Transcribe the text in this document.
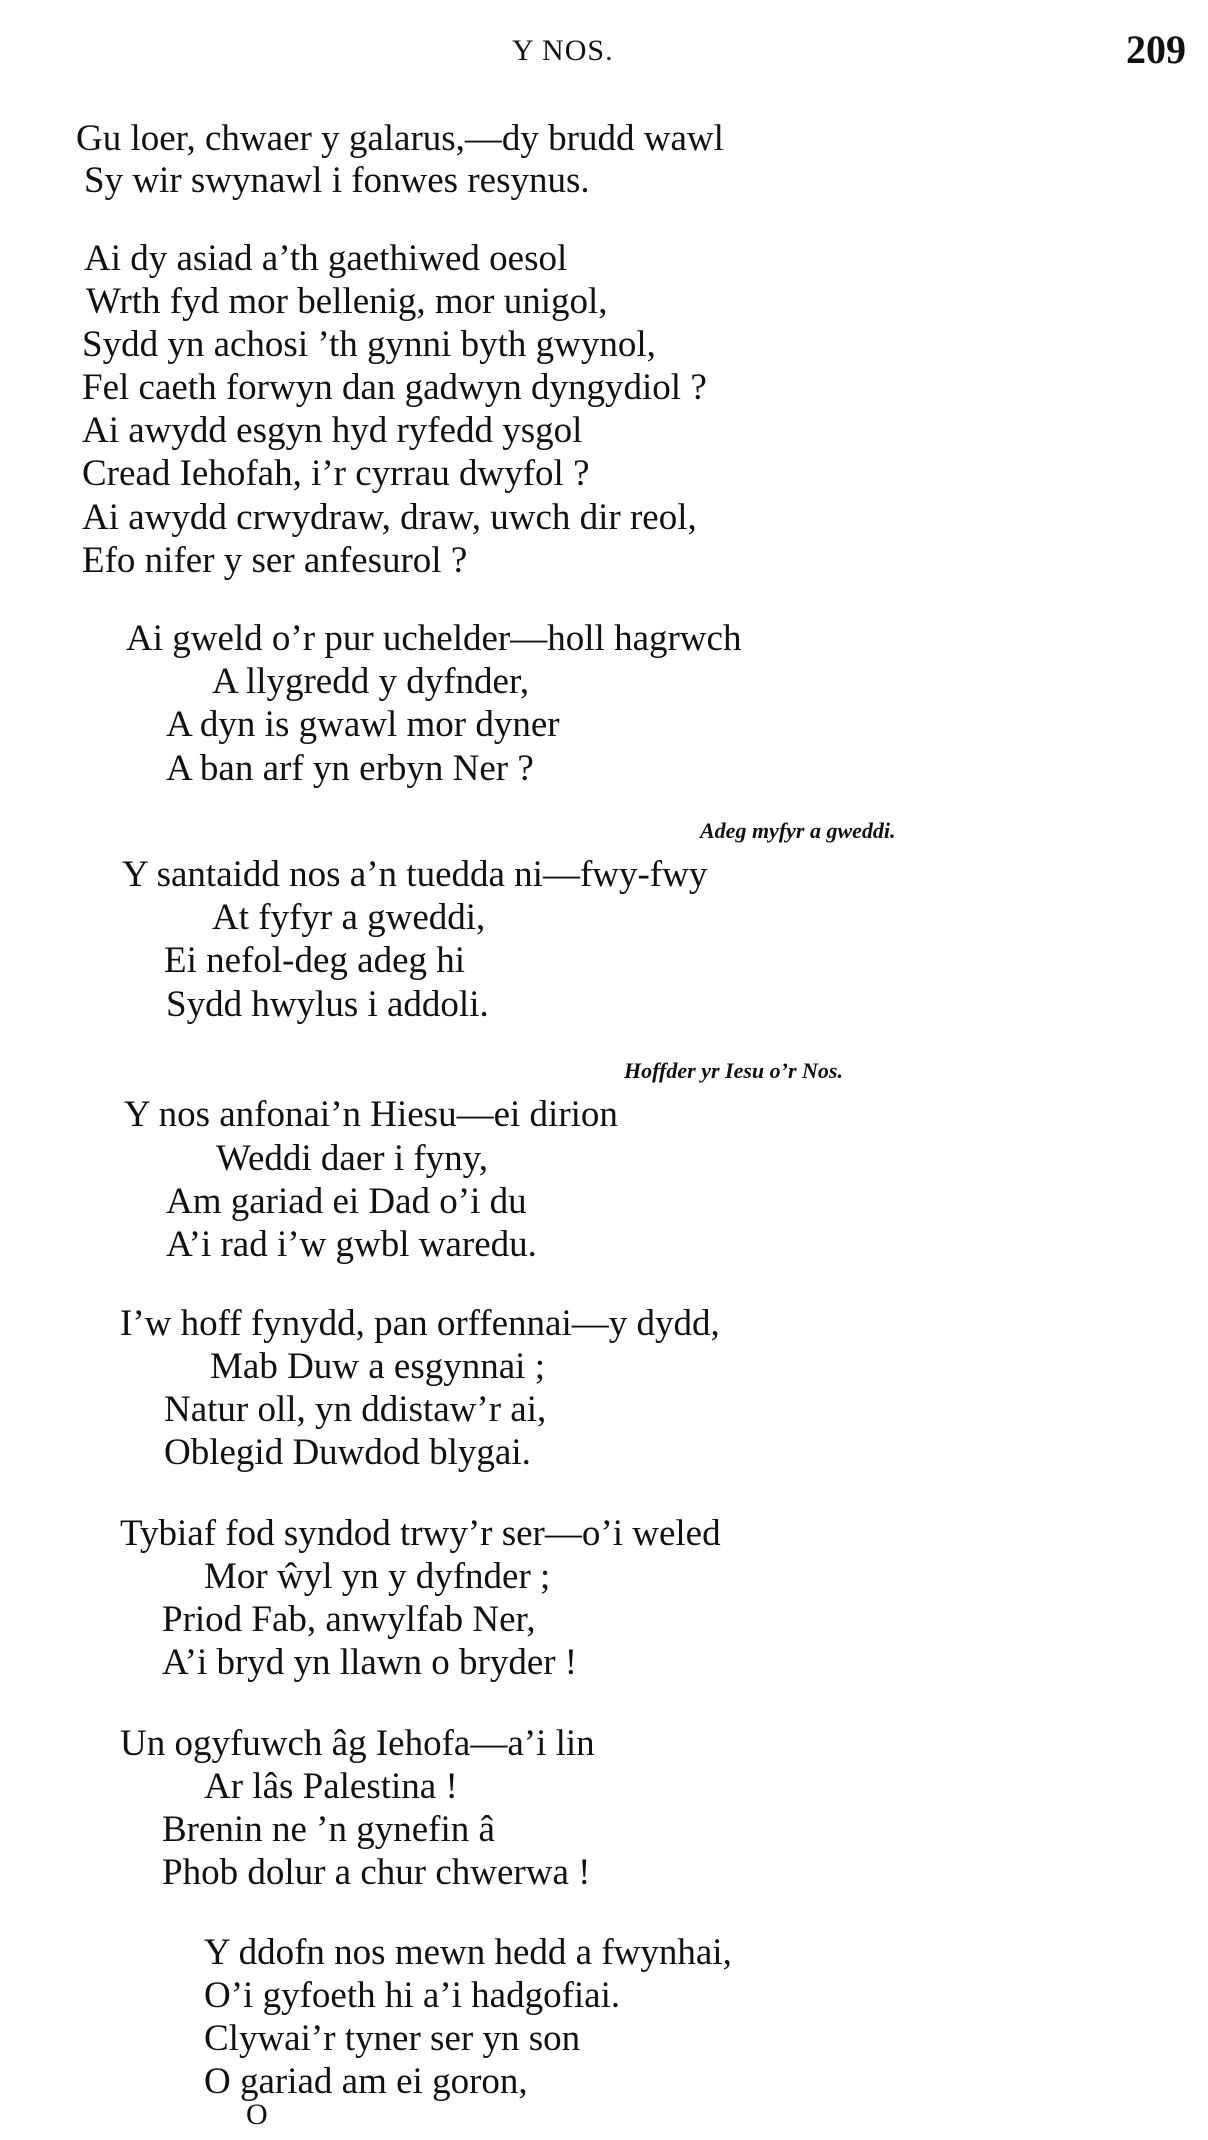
Y NOS.	209
Gu loer, chwaer y galarus,—dy brudd wawl
Sy wir swynawl i fonwes resynus.
Ai dy asiad a’th gaethiwed oesol
Wrth fyd mor bellenig, mor unigol,
Sydd yn achosi ’th gynni byth gwynol,
Fel caeth forwyn dan gadwyn dyngydiol ?
Ai awydd esgyn hyd ryfedd ysgol
Cread Iehofah, i’r cyrrau dwyfol ?
Ai awydd crwydraw, draw, uwch dir reol,
Efo nifer y ser anfesurol ?
Ai gweld o’r pur uchelder—holl hagrwch
A llygredd y dyfnder,
A dyn is gwawl mor dyner
A ban arf yn erbyn Ner ?
Adeg myfyr a gweddi.
Y santaidd nos a’n tuedda ni—fwy-fwy
At fyfyr a gweddi,
Ei nefol-deg adeg hi
Sydd hwylus i addoli.
Hoffder yr Iesu o’r Nos.
Y nos anfonai’n Hiesu—ei dirion
Weddi daer i fyny,
Am gariad ei Dad o’i du
A’i rad i’w gwbl waredu.
I’w hoff fynydd, pan orffennai—y dydd,
Mab Duw a esgynnai ;
Natur oll, yn ddistaw’r ai,
Oblegid Duwdod blygai.
Tybiaf fod syndod trwy’r ser—o’i weled
Mor ŵyl yn y dyfnder ;
Priod Fab, anwylfab Ner,
A’i bryd yn llawn o bryder !
Un ogyfuwch âg Iehofa—a’i lin
Ar lâs Palestina !
Brenin ne ’n gynefin â
Phob dolur a chur chwerwa !
Y ddofn nos mewn hedd a fwynhai,
O’i gyfoeth hi a’i hadgofiai.
Clywai’r tyner ser yn son
O gariad am ei goron,
O
